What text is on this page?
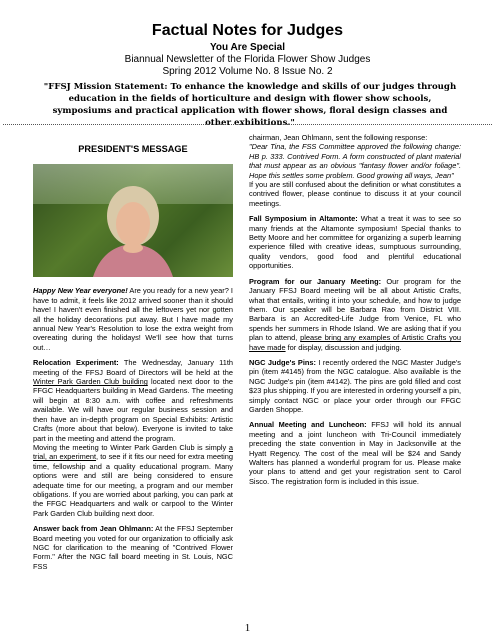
Factual Notes for Judges
You Are Special
Biannual Newsletter of the Florida Flower Show Judges
Spring 2012 Volume No. 8 Issue No. 2
"FFSJ Mission Statement: To enhance the knowledge and skills of our judges through education in the fields of horticulture and design with flower show schools, symposiums and practical application with flower shows, floral design classes and other exhibitions."
PRESIDENT'S MESSAGE

Happy New Year everyone! Are you ready for a new year? I have to admit, it feels like 2012 arrived sooner than it should have! I haven't even finished all the leftovers yet nor gotten all the holiday decorations put away. But I have made my annual New Year's Resolution to lose the extra weight from overeating during the holidays! We'll see how that turns out…

Relocation Experiment: The Wednesday, January 11th meeting of the FFSJ Board of Directors will be held at the Winter Park Garden Club building located next door to the FFGC Headquarters building in Mead Gardens. The meeting will begin at 8:30 a.m. with coffee and refreshments available. We will have our regular business session and then have an in-depth program on Special Exhibits: Artistic Crafts (more about that below). Everyone is invited to take part in the meeting and attend the program.

Moving the meeting to Winter Park Garden Club is simply a trial, an experiment, to see if it fits our need for extra meeting time, fellowship and a quality educational program. Many options were and still are being considered to ensure adequate time for our meeting, a program and our member obligations. If you are worried about parking, you can park at the FFGC Headquarters and walk or carpool to the Winter Park Garden Club building next door.

Answer back from Jean Ohlmann: At the FFSJ September Board meeting you voted for our organization to officially ask NGC for clarification to the meaning of "Contrived Flower Form." After the NGC fall board meeting in St. Louis, NGC FSS

chairman, Jean Ohlmann, sent the following response:

"Dear Tina, the FSS Committee approved the following change: HB p. 333. Contrived Form. A form constructed of plant material that must appear as an obvious "fantasy flower and/or foliage". Hope this settles some problem. Good growing all ways, Jean"

If you are still confused about the definition or what constitutes a contrived flower, please continue to discuss it at your council meetings.

Fall Symposium in Altamonte: What a treat it was to see so many friends at the Altamonte symposium! Special thanks to Betty Moore and her committee for organizing a superb learning experience filled with creative ideas, sumptuous surrounding, quality vendors, good food and plentiful educational opportunities.

Program for our January Meeting: Our program for the January FFSJ Board meeting will be all about Artistic Crafts, what that entails, writing it into your schedule, and how to judge them. Our speaker will be Barbara Rao from District VIII. Barbara is an Accredited-Life Judge from Venice, FL who spends her summers in Rhode Island. We are asking that if you plan to attend, please bring any examples of Artistic Crafts you have made for display, discussion and judging.

NGC Judge's Pins: I recently ordered the NGC Master Judge's pin (item #4145) from the NGC catalogue. Also available is the NGC Judge's pin (item #4142). The pins are gold filled and cost $23 plus shipping. If you are interested in ordering yourself a pin, simply contact NGC or place your order through our FFGC Garden Shoppe.

Annual Meeting and Luncheon: FFSJ will hold its annual meeting and a joint luncheon with Tri-Council immediately preceding the state convention in May in Jacksonville at the Hyatt Regency. The cost of the meal will be $24 and Sandy Walters has planned a wonderful program for us. Please make your plans to attend and get your registration sent to Carol Sisco. The registration form is included in this issue.

1
